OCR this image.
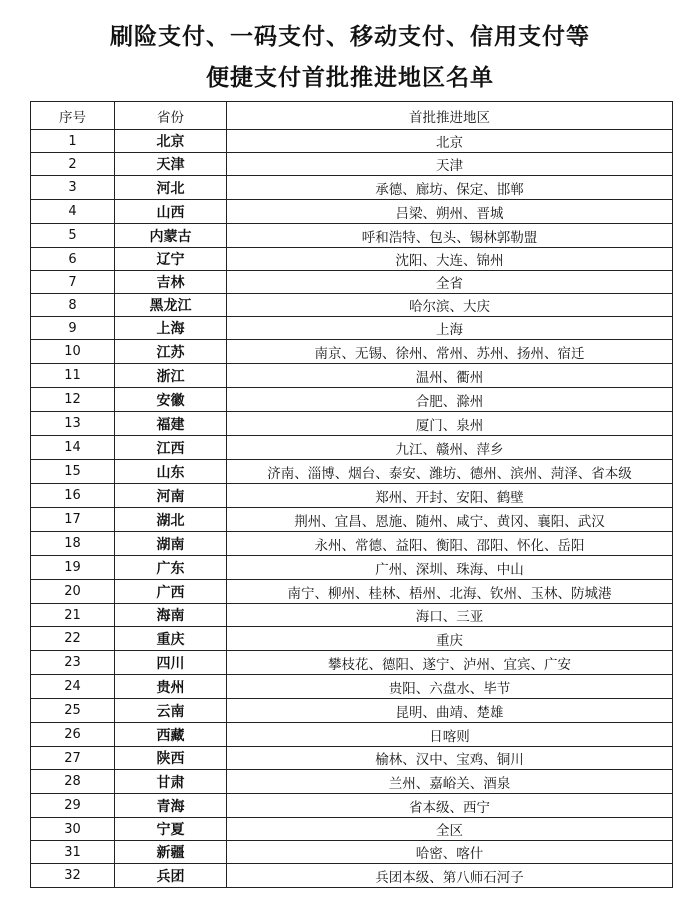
刷险支付、一码支付、移动支付、信用支付等
便捷支付首批推进地区名单
序号	省份	首批推进地区
1	北京	北京
2	天津	天津
3	河北	承德、廊坊、保定、邯郸
4	山西	吕梁、朔州、晋城
5	内蒙古	呼和浩特、包头、锡林郭勒盟
6	辽宁	沈阳、大连、锦州
7	吉林	全省
8	黑龙江	哈尔滨、大庆
9	上海	上海
10	江苏	南京、无锡、徐州、常州、苏州、扬州、宿迁
11	浙江	温州、衢州
12	安徽	合肥、滁州
13	福建	厦门、泉州
14	江西	九江、赣州、萍乡
15	山东	济南、淄博、烟台、泰安、潍坊、德州、滨州、菏泽、省本级
16	河南	郑州、开封、安阳、鹤壁
17	湖北	荆州、宜昌、恩施、随州、咸宁、黄冈、襄阳、武汉
18	湖南	永州、常德、益阳、衡阳、邵阳、怀化、岳阳
19	广东	广州、深圳、珠海、中山
20	广西	南宁、柳州、桂林、梧州、北海、钦州、玉林、防城港
21	海南	海口、三亚
22	重庆	重庆
23	四川	攀枝花、德阳、遂宁、泸州、宜宾、广安
24	贵州	贵阳、六盘水、毕节
25	云南	昆明、曲靖、楚雄
26	西藏	日喀则
27	陕西	榆林、汉中、宝鸡、铜川
28	甘肃	兰州、嘉峪关、酒泉
29	青海	省本级、西宁
30	宁夏	全区
31	新疆	哈密、喀什
32	兵团	兵团本级、第八师石河子
